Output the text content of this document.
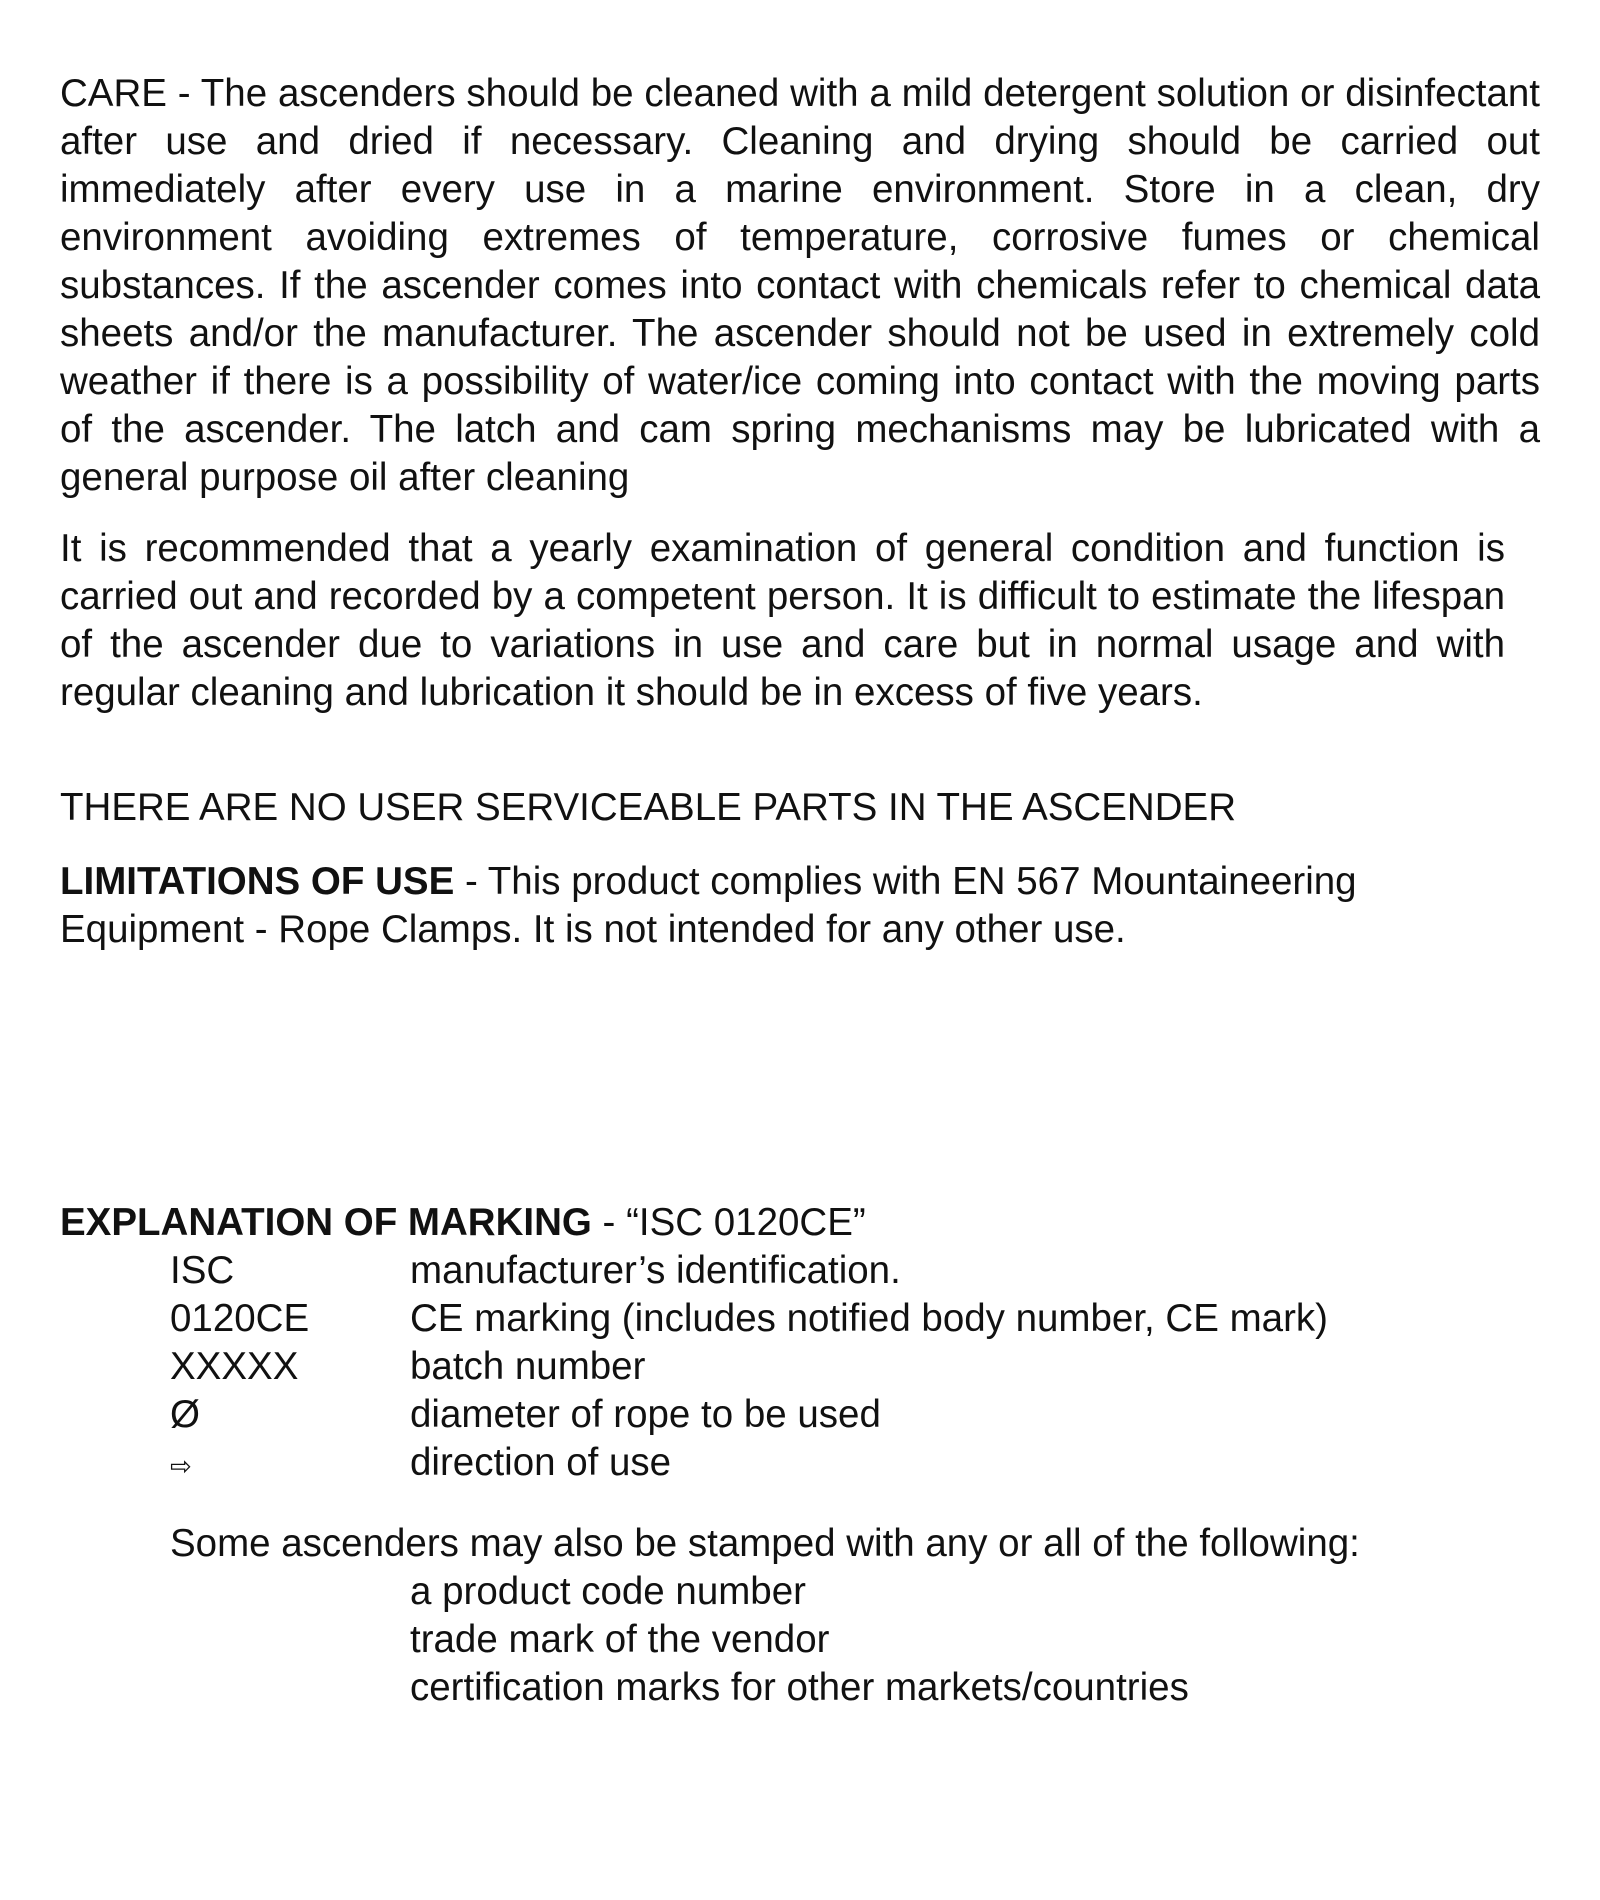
CARE - The ascenders should be cleaned with a mild detergent solution or disinfectant after use and dried if necessary. Cleaning and drying should be carried out immediately after every use in a marine environment. Store in a clean, dry environment avoiding extremes of temperature, corrosive fumes or chemical substances. If the ascender comes into contact with chemicals refer to chemical data sheets and/or the manufacturer. The ascender should not be used in extremely cold weather if there is a possibility of water/ice coming into contact with the moving parts of the ascender. The latch and cam spring mechanisms may be lubricated with a general purpose oil after cleaning

It is recommended that a yearly examination of general condition and function is carried out and recorded by a competent person. It is difficult to estimate the lifespan of the ascender due to variations in use and care but in normal usage and with regular cleaning and lubrication it should be in excess of five years.

THERE ARE NO USER SERVICEABLE PARTS IN THE ASCENDER

LIMITATIONS OF USE - This product complies with EN 567 Mountaineering Equipment - Rope Clamps. It is not intended for any other use.

EXPLANATION OF MARKING - “ISC 0120CE”

ISC	manufacturer’s identification.
0120CE	CE marking (includes notified body number, CE mark)
XXXXX	batch number
Ø	diameter of rope to be used
⇨	direction of use

Some ascenders may also be stamped with any or all of the following:

a product code number
trade mark of the vendor
certification marks for other markets/countries
